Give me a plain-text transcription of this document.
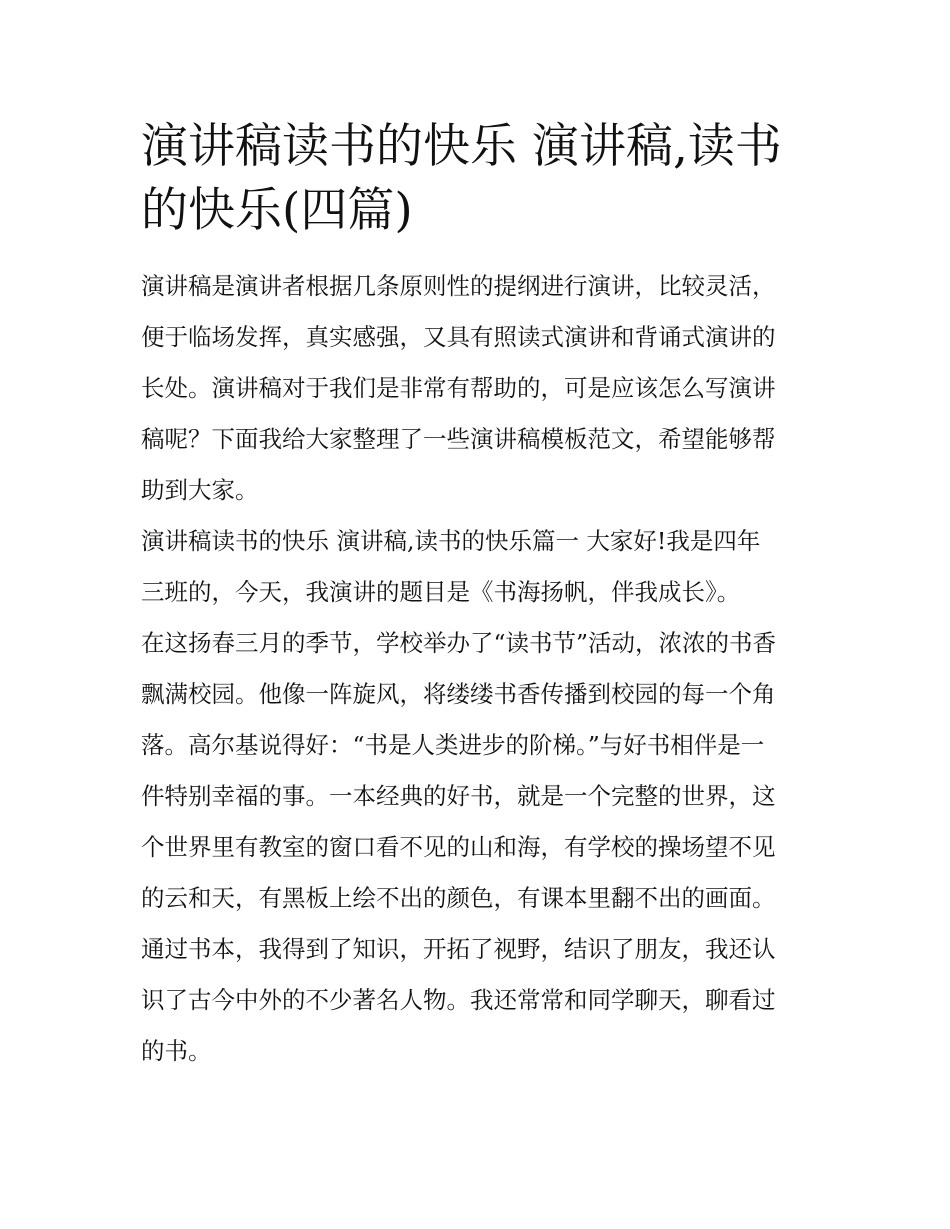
演讲稿读书的快乐 演讲稿,读书
的快乐(四篇)

演讲稿是演讲者根据几条原则性的提纲进行演讲，比较灵活，
便于临场发挥，真实感强，又具有照读式演讲和背诵式演讲的
长处。演讲稿对于我们是非常有帮助的，可是应该怎么写演讲
稿呢？下面我给大家整理了一些演讲稿模板范文，希望能够帮
助到大家。

演讲稿读书的快乐 演讲稿,读书的快乐篇一 大家好!我是四年
三班的，今天，我演讲的题目是《书海扬帆，伴我成长》。

在这扬春三月的季节，学校举办了“读书节”活动，浓浓的书香
飘满校园。他像一阵旋风，将缕缕书香传播到校园的每一个角
落。高尔基说得好：“书是人类进步的阶梯。”与好书相伴是一
件特别幸福的事。一本经典的好书，就是一个完整的世界，这
个世界里有教室的窗口看不见的山和海，有学校的操场望不见
的云和天，有黑板上绘不出的颜色，有课本里翻不出的画面。
通过书本，我得到了知识，开拓了视野，结识了朋友，我还认
识了古今中外的不少著名人物。我还常常和同学聊天，聊看过
的书。
